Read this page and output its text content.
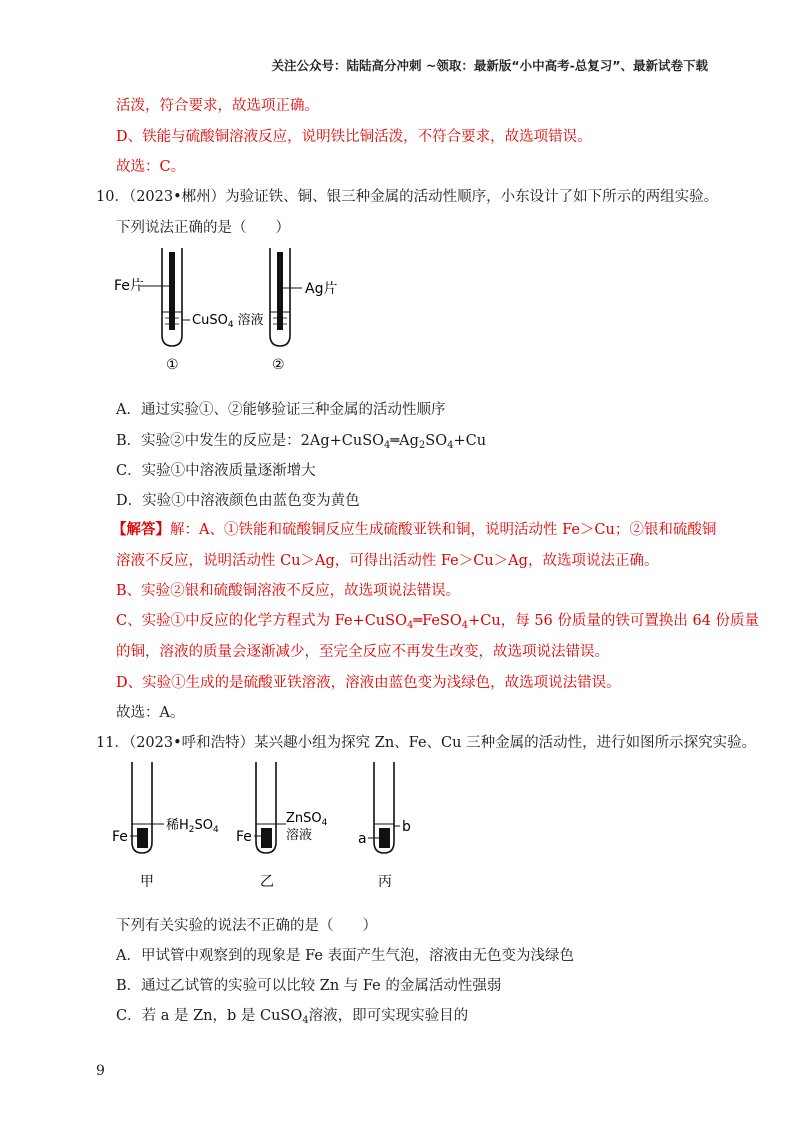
关注公众号：陆陆高分冲刺 ~领取：最新版“小中高考-总复习”、最新试卷下载
活泼，符合要求，故选项正确。
D、铁能与硫酸铜溶液反应，说明铁比铜活泼，不符合要求，故选项错误。
故选：C。
10．（2023•郴州）为验证铁、铜、银三种金属的活动性顺序，小东设计了如下所示的两组实验。
下列说法正确的是（　　）
Fe片
CuSO$_4$ 溶液
①
Ag片
②
A．通过实验①、②能够验证三种金属的活动性顺序
B．实验②中发生的反应是：$2Ag+CuSO_4═Ag_2SO_4+Cu$
C．实验①中溶液质量逐渐增大
D．实验①中溶液颜色由蓝色变为黄色
【解答】解：A、①铁能和硫酸铜反应生成硫酸亚铁和铜，说明活动性 Fe＞Cu；②银和硫酸铜
溶液不反应，说明活动性 Cu＞Ag，可得出活动性 Fe＞Cu＞Ag，故选项说法正确。
B、实验②银和硫酸铜溶液不反应，故选项说法错误。
C、实验①中反应的化学方程式为 Fe+CuSO$_4$═FeSO$_4$+Cu，每 56 份质量的铁可置换出 64 份质量
的铜，溶液的质量会逐渐减少，至完全反应不再发生改变，故选项说法错误。
D、实验①生成的是硫酸亚铁溶液，溶液由蓝色变为浅绿色，故选项说法错误。
故选：A。
11．（2023•呼和浩特）某兴趣小组为探究 Zn、Fe、Cu 三种金属的活动性，进行如图所示探究实验。
稀$H_2SO_4$
Fe
甲
ZnSO$_4$
溶液
Fe
乙
b
a
丙
下列有关实验的说法不正确的是（　　）
A．甲试管中观察到的现象是 Fe 表面产生气泡，溶液由无色变为浅绿色
B．通过乙试管的实验可以比较 Zn 与 Fe 的金属活动性强弱
C．若 a 是 Zn，b 是 CuSO$_4$溶液，即可实现实验目的
9
